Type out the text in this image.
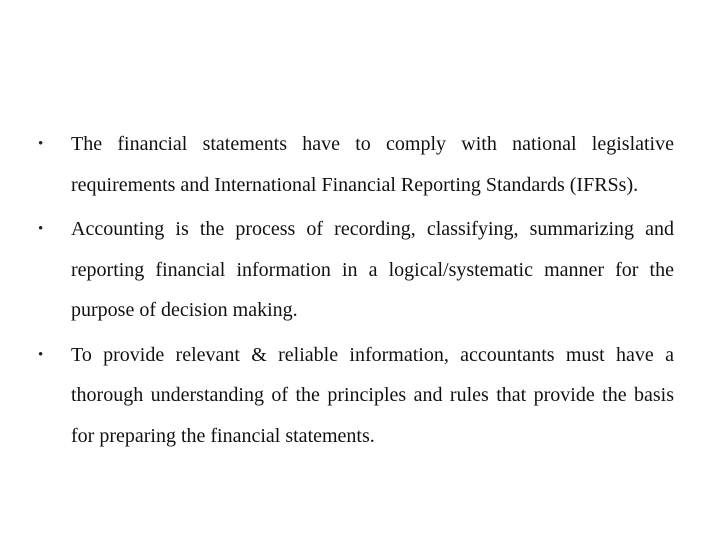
• The financial statements have to comply with national legislative requirements and International Financial Reporting Standards (IFRSs).
• Accounting is the process of recording, classifying, summarizing and reporting financial information in a logical/systematic manner for the purpose of decision making.
• To provide relevant & reliable information, accountants must have a thorough understanding of the principles and rules that provide the basis for preparing the financial statements.
